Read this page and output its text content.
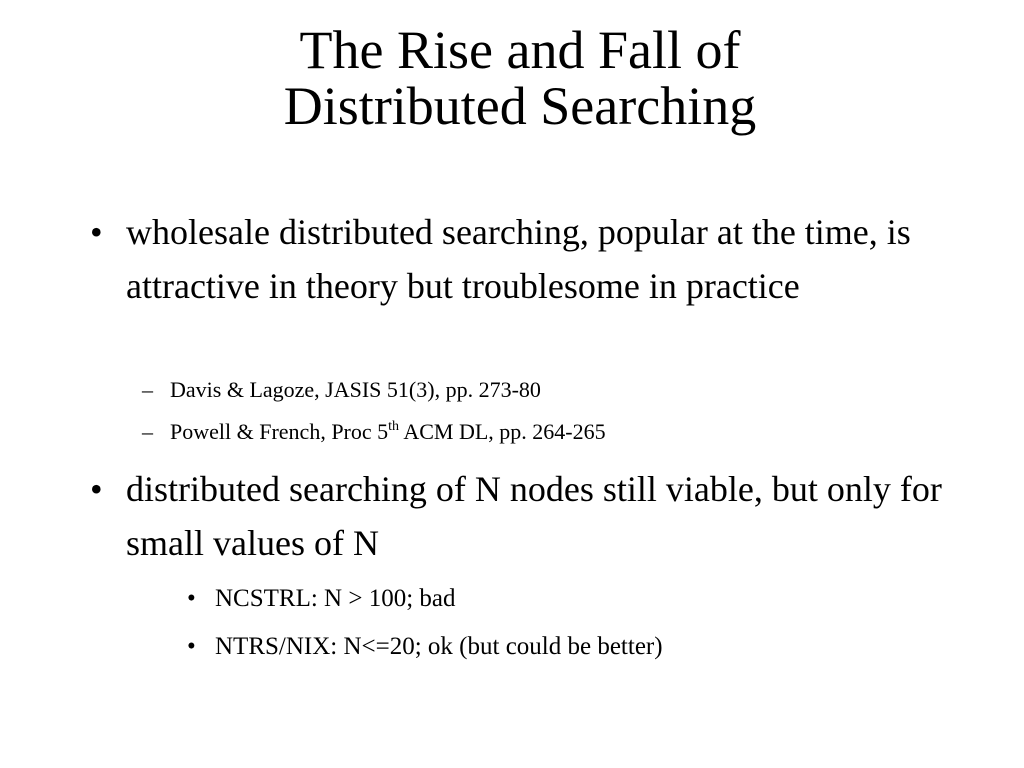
The Rise and Fall of
Distributed Searching
• wholesale distributed searching, popular at the time, is attractive in theory but troublesome in practice
– Davis & Lagoze, JASIS 51(3), pp. 273-80
– Powell & French, Proc 5th ACM DL, pp. 264-265
• distributed searching of N nodes still viable, but only for small values of N
• NCSTRL: N > 100; bad
• NTRS/NIX: N<=20; ok (but could be better)
